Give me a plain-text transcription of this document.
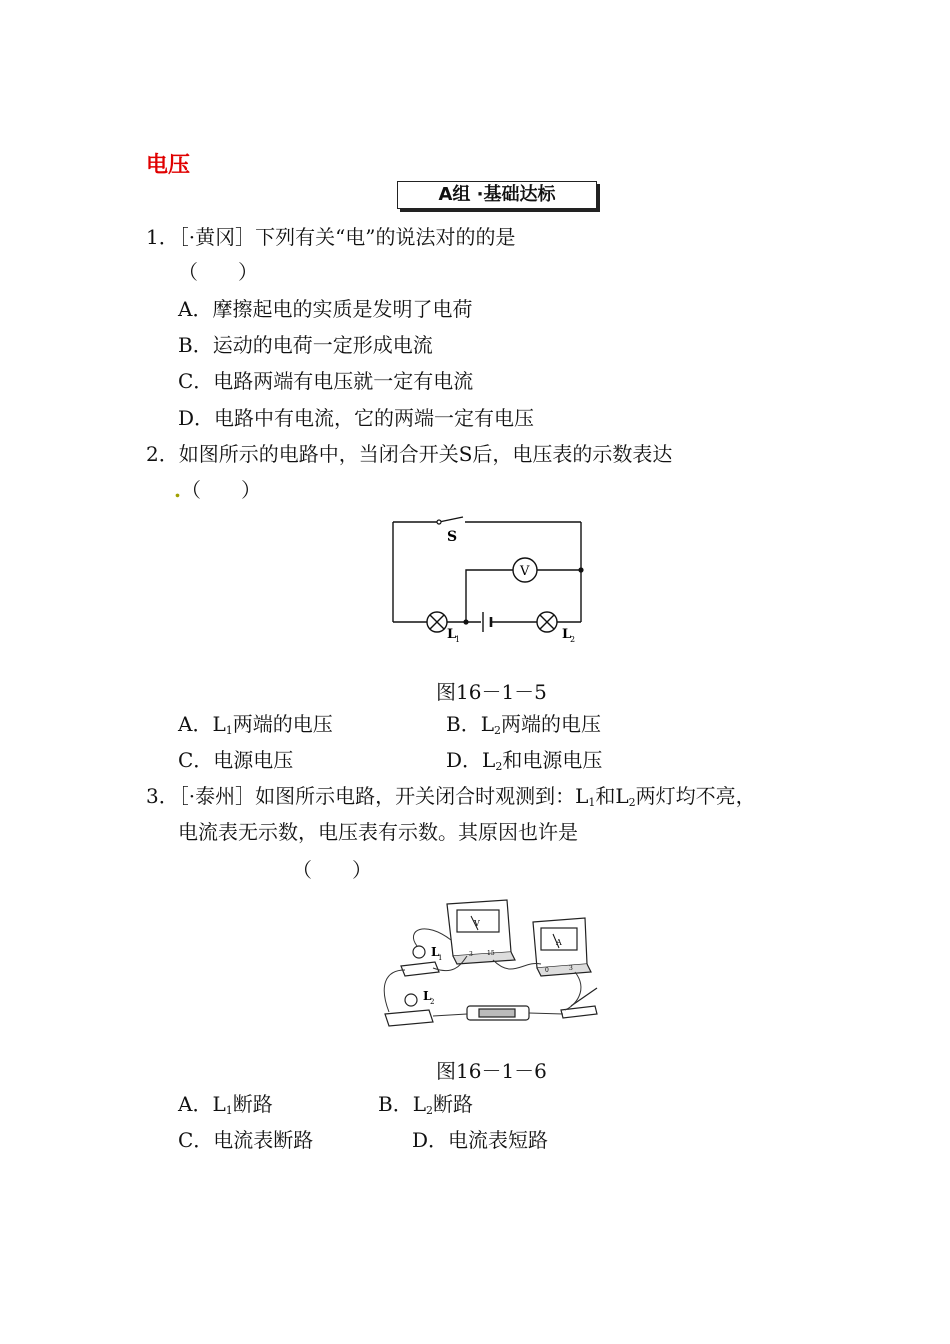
电压
A组 ·基础达标
1．［·黄冈］下列有关“电”的说法对的的是
（　　）
A．摩擦起电的实质是发明了电荷
B．运动的电荷一定形成电流
C．电路两端有电压就一定有电流
D．电路中有电流，它的两端一定有电压
2．如图所示的电路中，当闭合开关S后，电压表的示数表达
.（　　）
S
V
L
1	L
2
图16－1－5
A．$L_1$两端的电压	B．$L_2$两端的电压
C．电源电压	D．$L_2$和电源电压
3．［·泰州］如图所示电路，开关闭合时观测到：$L_1$和$L_2$两灯均不亮，
电流表无示数，电压表有示数。其原因也许是
（　　）
V
A
3 15
0	3
L
1
L
2
图16－1－6
A．$L_1$断路	B．$L_2$断路
C．电流表断路	D．电流表短路
